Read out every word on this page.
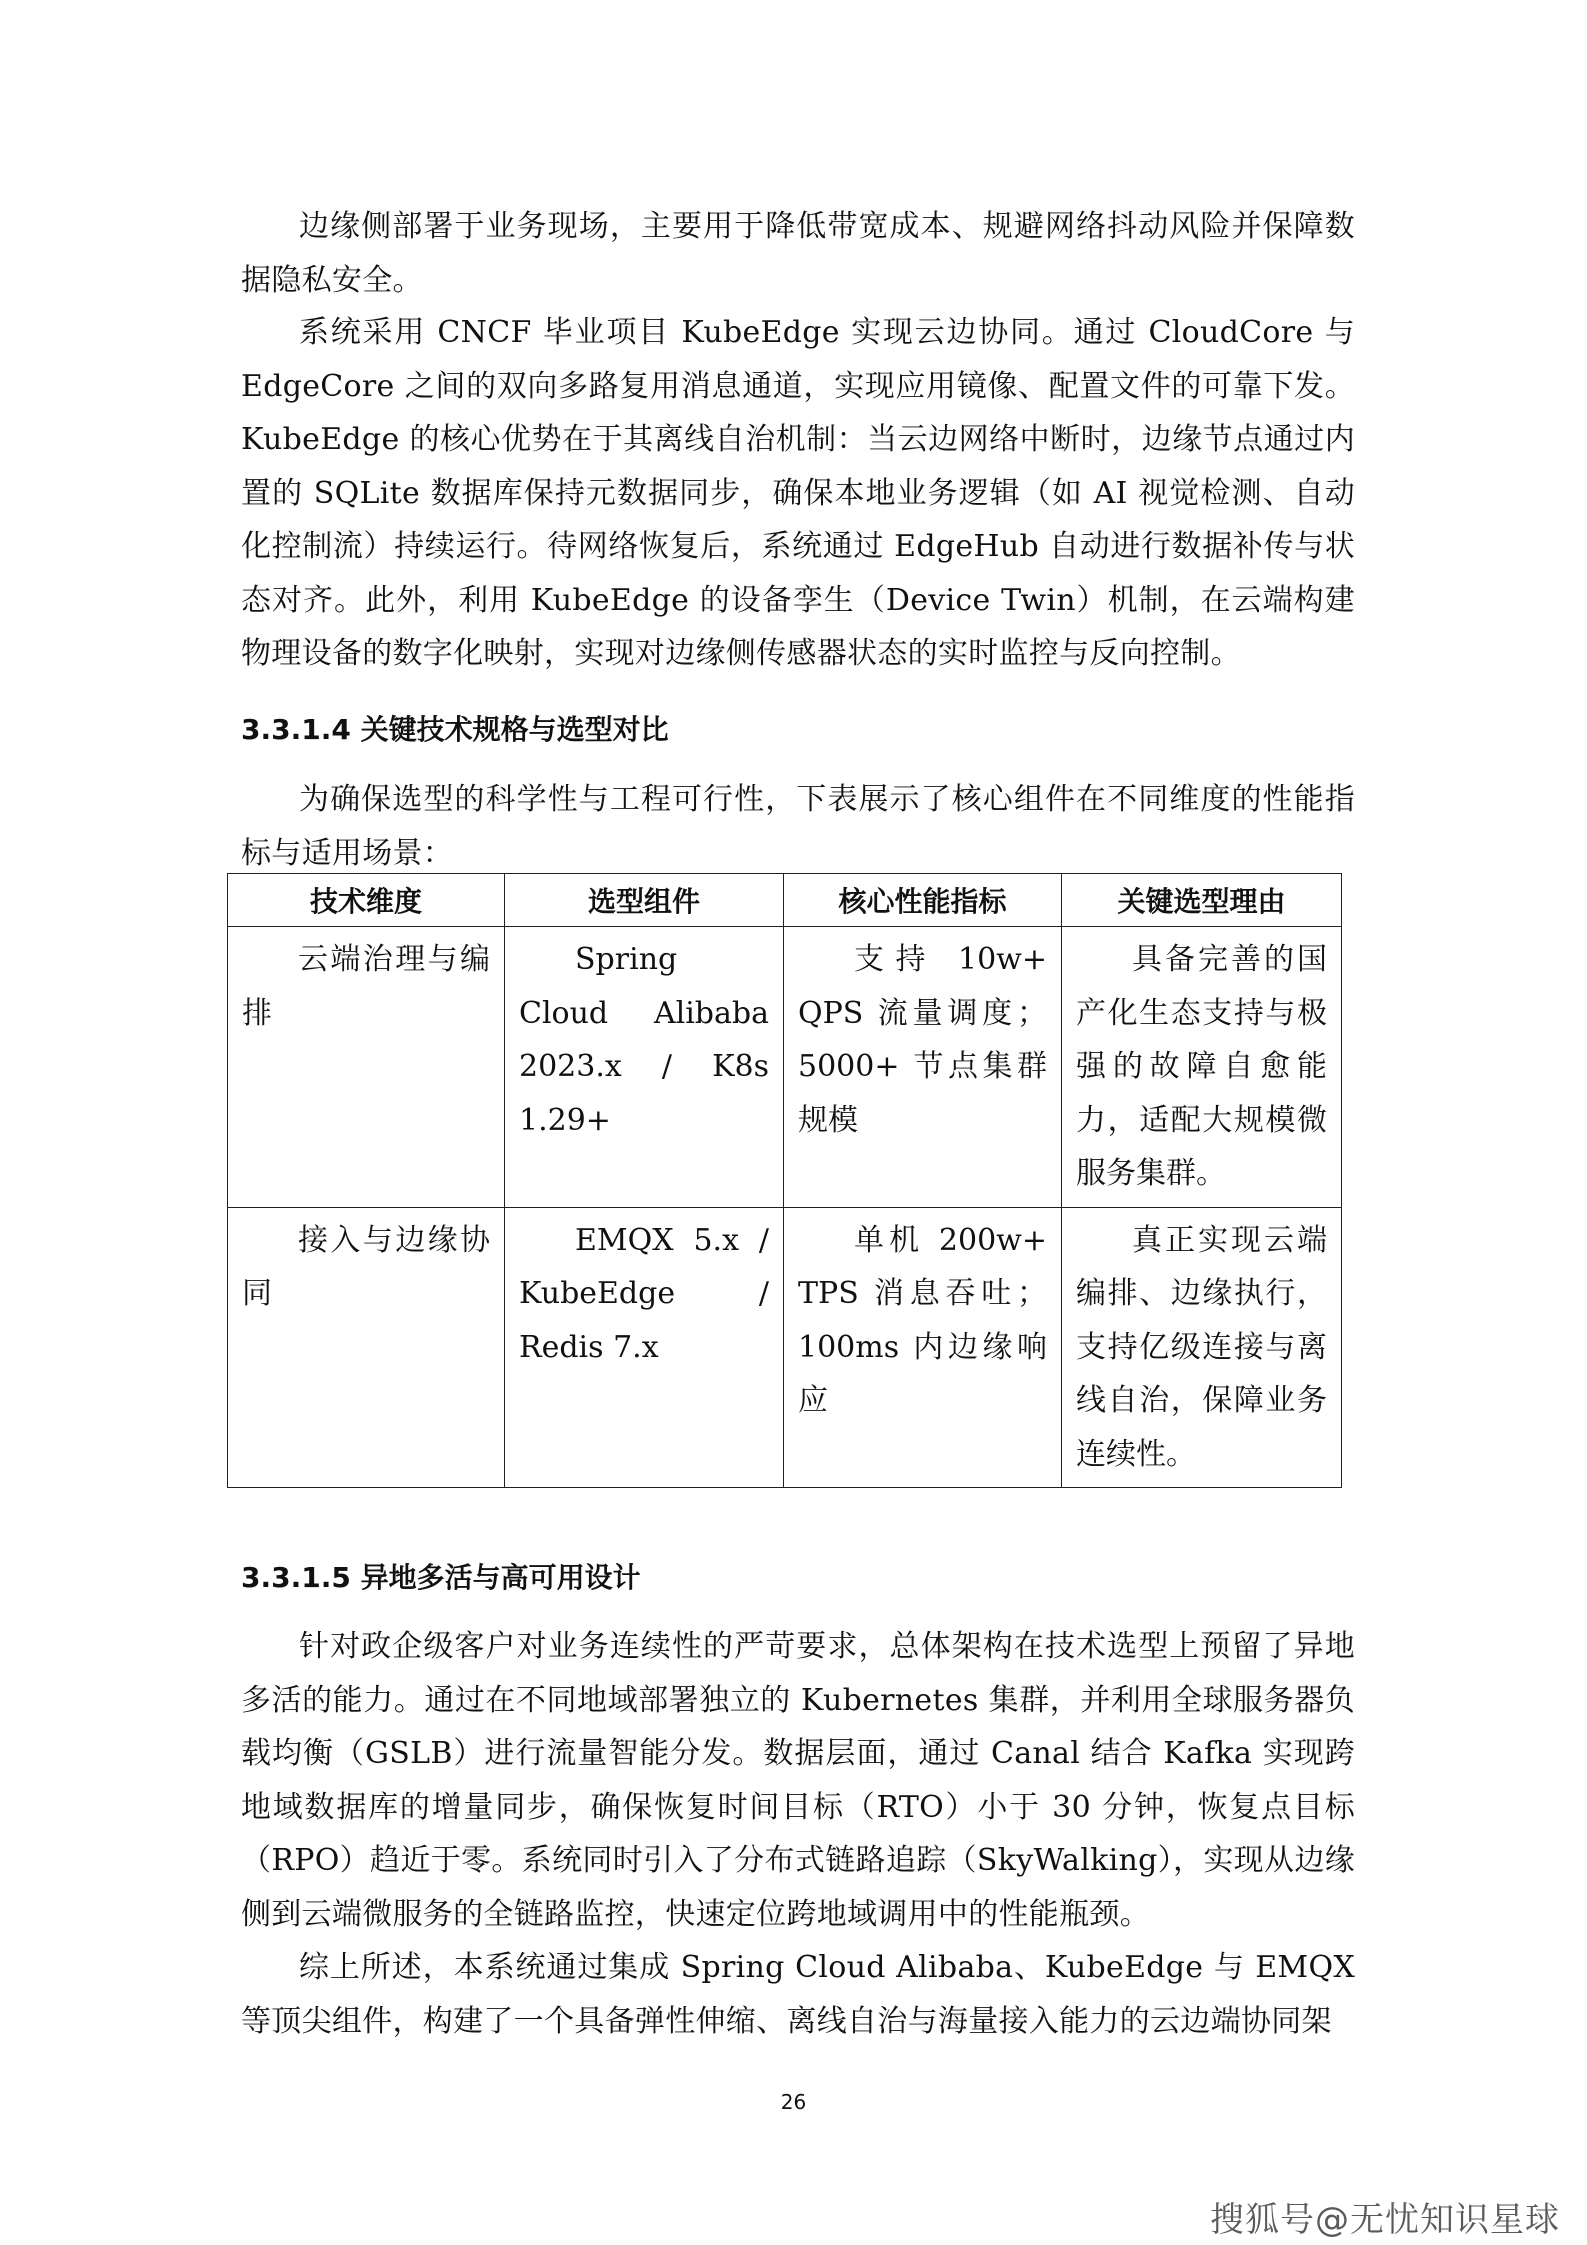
边缘侧部署于业务现场，主要用于降低带宽成本、规避网络抖动风险并保障数据隐私安全。

系统采用 CNCF 毕业项目 KubeEdge 实现云边协同。通过 CloudCore 与 EdgeCore 之间的双向多路复用消息通道，实现应用镜像、配置文件的可靠下发。KubeEdge 的核心优势在于其离线自治机制：当云边网络中断时，边缘节点通过内置的 SQLite 数据库保持元数据同步，确保本地业务逻辑（如 AI 视觉检测、自动化控制流）持续运行。待网络恢复后，系统通过 EdgeHub 自动进行数据补传与状态对齐。此外，利用 KubeEdge 的设备孪生（Device Twin）机制，在云端构建物理设备的数字化映射，实现对边缘侧传感器状态的实时监控与反向控制。

3.3.1.4 关键技术规格与选型对比

为确保选型的科学性与工程可行性，下表展示了核心组件在不同维度的性能指标与适用场景：

技术维度	选型组件	核心性能指标	关键选型理由
云端治理与编排	Spring Cloud Alibaba 2023.x / K8s 1.29+	支持 10w+ QPS 流量调度；5000+ 节点集群规模	具备完善的国产化生态支持与极强的故障自愈能力，适配大规模微服务集群。
接入与边缘协同	EMQX 5.x / KubeEdge / Redis 7.x	单机 200w+ TPS 消息吞吐；100ms 内边缘响应	真正实现云端编排、边缘执行，支持亿级连接与离线自治，保障业务连续性。
3.3.1.5 异地多活与高可用设计

针对政企级客户对业务连续性的严苛要求，总体架构在技术选型上预留了异地多活的能力。通过在不同地域部署独立的 Kubernetes 集群，并利用全球服务器负载均衡（GSLB）进行流量智能分发。数据层面，通过 Canal 结合 Kafka 实现跨地域数据库的增量同步，确保恢复时间目标（RTO）小于 30 分钟，恢复点目标（RPO）趋近于零。系统同时引入了分布式链路追踪（SkyWalking），实现从边缘侧到云端微服务的全链路监控，快速定位跨地域调用中的性能瓶颈。

综上所述，本系统通过集成 Spring Cloud Alibaba、KubeEdge 与 EMQX 等顶尖组件，构建了一个具备弹性伸缩、离线自治与海量接入能力的云边端协同架

26
搜狐号@无忧知识星球
